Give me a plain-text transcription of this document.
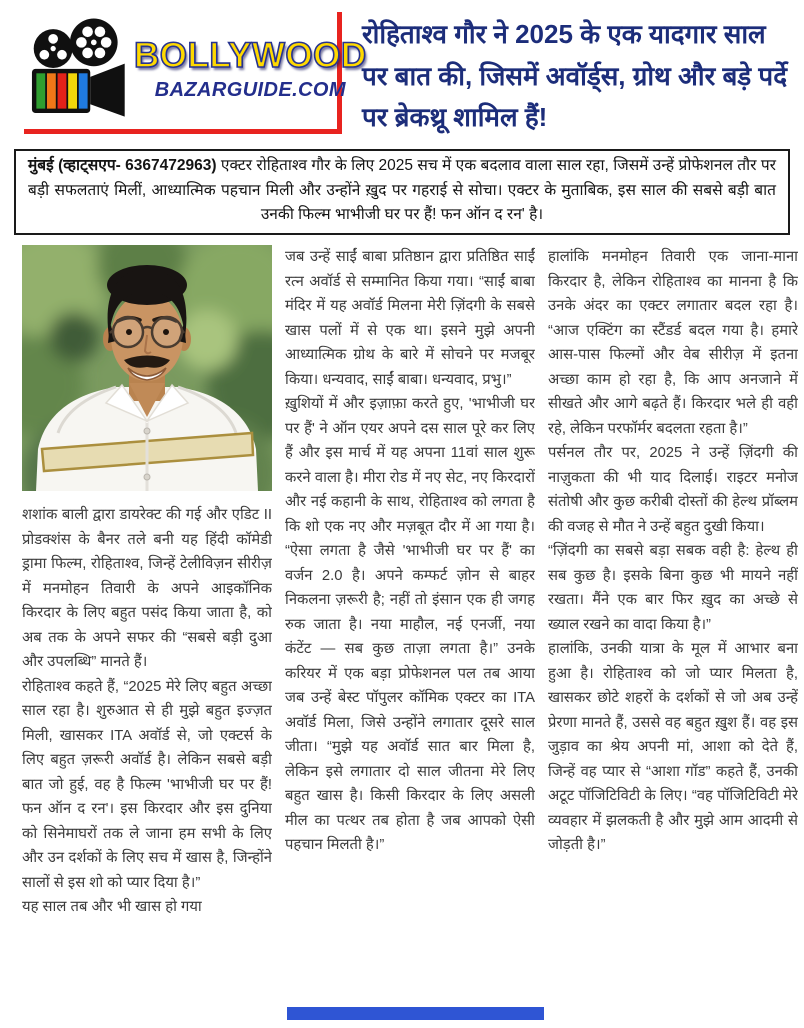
BOLLYWOOD
BAZARGUIDE.COM
रोहिताश्व गौर ने 2025 के एक यादगार साल पर बात की, जिसमें अवॉर्ड्स, ग्रोथ और बड़े पर्दे पर ब्रेकथ्रू शामिल हैं!
मुंबई (व्हाट्सएप- 6367472963) एक्टर रोहिताश्व गौर के लिए 2025 सच में एक बदलाव वाला साल रहा, जिसमें उन्हें प्रोफेशनल तौर पर बड़ी सफलताएं मिलीं, आध्यात्मिक पहचान मिली और उन्होंने ख़ुद पर गहराई से सोचा। एक्टर के मुताबिक, इस साल की सबसे बड़ी बात उनकी फिल्म भाभीजी घर पर हैं! फन ऑन द रन' है।

शशांक बाली द्वारा डायरेक्ट की गई और एडिट II प्रोडक्शंस के बैनर तले बनी यह हिंदी कॉमेडी ड्रामा फिल्म, रोहिताश्व, जिन्हें टेलीविज़न सीरीज़ में मनमोहन तिवारी के अपने आइकॉनिक किरदार के लिए बहुत पसंद किया जाता है, को अब तक के अपने सफर की “सबसे बड़ी दुआ और उपलब्धि” मानते हैं।

रोहिताश्व कहते हैं, “2025 मेरे लिए बहुत अच्छा साल रहा है। शुरुआत से ही मुझे बहुत इज्ज़त मिली, खासकर ITA अवॉर्ड से, जो एक्टर्स के लिए बहुत ज़रूरी अवॉर्ड है। लेकिन सबसे बड़ी बात जो हुई, वह है फिल्म 'भाभीजी घर पर हैं! फन ऑन द रन'। इस किरदार और इस दुनिया को सिनेमाघरों तक ले जाना हम सभी के लिए और उन दर्शकों के लिए सच में खास है, जिन्होंने सालों से इस शो को प्यार दिया है।”

यह साल तब और भी खास हो गया

जब उन्हें साईं बाबा प्रतिष्ठान द्वारा प्रतिष्ठित साईं रत्न अवॉर्ड से सम्मानित किया गया। “साईं बाबा मंदिर में यह अवॉर्ड मिलना मेरी ज़िंदगी के सबसे खास पलों में से एक था। इसने मुझे अपनी आध्यात्मिक ग्रोथ के बारे में सोचने पर मजबूर किया। धन्यवाद, साईं बाबा। धन्यवाद, प्रभु।”

ख़ुशियों में और इज़ाफ़ा करते हुए, 'भाभीजी घर पर हैं' ने ऑन एयर अपने दस साल पूरे कर लिए हैं और इस मार्च में यह अपना 11वां साल शुरू करने वाला है। मीरा रोड में नए सेट, नए किरदारों और नई कहानी के साथ, रोहिताश्व को लगता है कि शो एक नए और मज़बूत दौर में आ गया है। “ऐसा लगता है जैसे 'भाभीजी घर पर हैं' का वर्जन 2.0 है। अपने कम्फर्ट ज़ोन से बाहर निकलना ज़रूरी है; नहीं तो इंसान एक ही जगह रुक जाता है। नया माहौल, नई एनर्जी, नया कंटेंट — सब कुछ ताज़ा लगता है।” उनके करियर में एक बड़ा प्रोफेशनल पल तब आया जब उन्हें बेस्ट पॉपुलर कॉमिक एक्टर का ITA अवॉर्ड मिला, जिसे उन्होंने लगातार दूसरे साल जीता। “मुझे यह अवॉर्ड सात बार मिला है, लेकिन इसे लगातार दो साल जीतना मेरे लिए बहुत खास है। किसी किरदार के लिए असली मील का पत्थर तब होता है जब आपको ऐसी पहचान मिलती है।”

हालांकि मनमोहन तिवारी एक जाना-माना किरदार है, लेकिन रोहिताश्व का मानना है कि उनके अंदर का एक्टर लगातार बदल रहा है। “आज एक्टिंग का स्टैंडर्ड बदल गया है। हमारे आस-पास फिल्मों और वेब सीरीज़ में इतना अच्छा काम हो रहा है, कि आप अनजाने में सीखते और आगे बढ़ते हैं। किरदार भले ही वही रहे, लेकिन परफॉर्मर बदलता रहता है।”

पर्सनल तौर पर, 2025 ने उन्हें ज़िंदगी की नाज़ुकता की भी याद दिलाई। राइटर मनोज संतोषी और कुछ करीबी दोस्तों की हेल्थ प्रॉब्लम की वजह से मौत ने उन्हें बहुत दुखी किया।

“ज़िंदगी का सबसे बड़ा सबक वही है: हेल्थ ही सब कुछ है। इसके बिना कुछ भी मायने नहीं रखता। मैंने एक बार फिर ख़ुद का अच्छे से ख्याल रखने का वादा किया है।”

हालांकि, उनकी यात्रा के मूल में आभार बना हुआ है। रोहिताश्व को जो प्यार मिलता है, खासकर छोटे शहरों के दर्शकों से जो अब उन्हें प्रेरणा मानते हैं, उससे वह बहुत ख़ुश हैं। वह इस जुड़ाव का श्रेय अपनी मां, आशा को देते हैं, जिन्हें वह प्यार से “आशा गॉड” कहते हैं, उनकी अटूट पॉजिटिविटी के लिए। “वह पॉजिटिविटी मेरे व्यवहार में झलकती है और मुझे आम आदमी से जोड़ती है।”
